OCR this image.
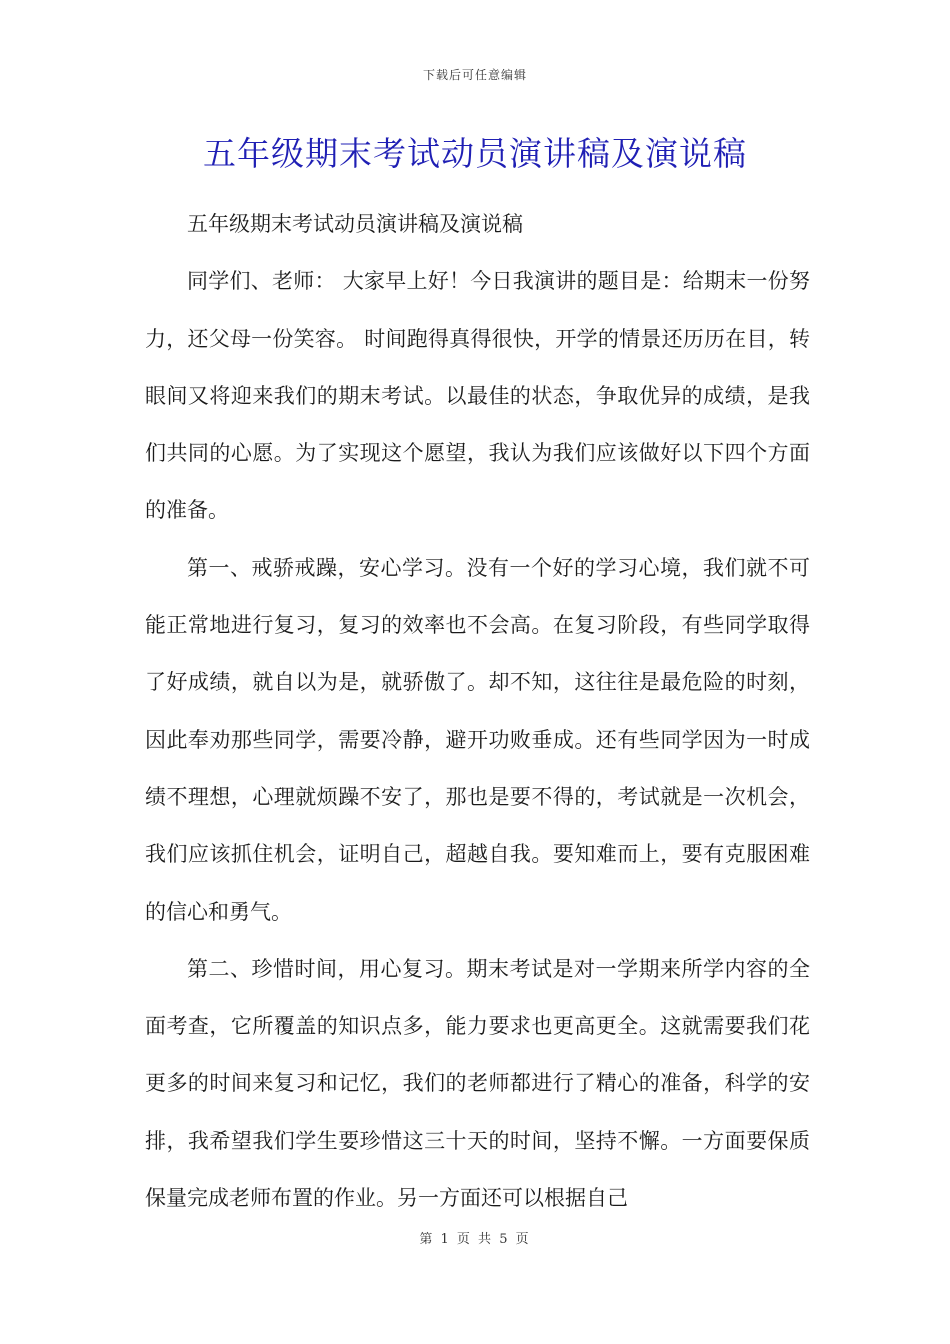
下载后可任意编辑
五年级期末考试动员演讲稿及演说稿

五年级期末考试动员演讲稿及演说稿

同学们、老师： 大家早上好！今日我演讲的题目是：给期末一份努力，还父母一份笑容。 时间跑得真得很快，开学的情景还历历在目，转眼间又将迎来我们的期末考试。以最佳的状态，争取优异的成绩，是我们共同的心愿。为了实现这个愿望，我认为我们应该做好以下四个方面的准备。

第一、戒骄戒躁，安心学习。没有一个好的学习心境，我们就不可能正常地进行复习，复习的效率也不会高。在复习阶段，有些同学取得了好成绩，就自以为是，就骄傲了。却不知，这往往是最危险的时刻，因此奉劝那些同学，需要冷静，避开功败垂成。还有些同学因为一时成绩不理想，心理就烦躁不安了，那也是要不得的，考试就是一次机会，我们应该抓住机会，证明自己，超越自我。要知难而上，要有克服困难的信心和勇气。

第二、珍惜时间，用心复习。期末考试是对一学期来所学内容的全面考查，它所覆盖的知识点多，能力要求也更高更全。这就需要我们花更多的时间来复习和记忆，我们的老师都进行了精心的准备，科学的安排，我希望我们学生要珍惜这三十天的时间，坚持不懈。一方面要保质保量完成老师布置的作业。另一方面还可以根据自己

第 1 页 共 5 页
